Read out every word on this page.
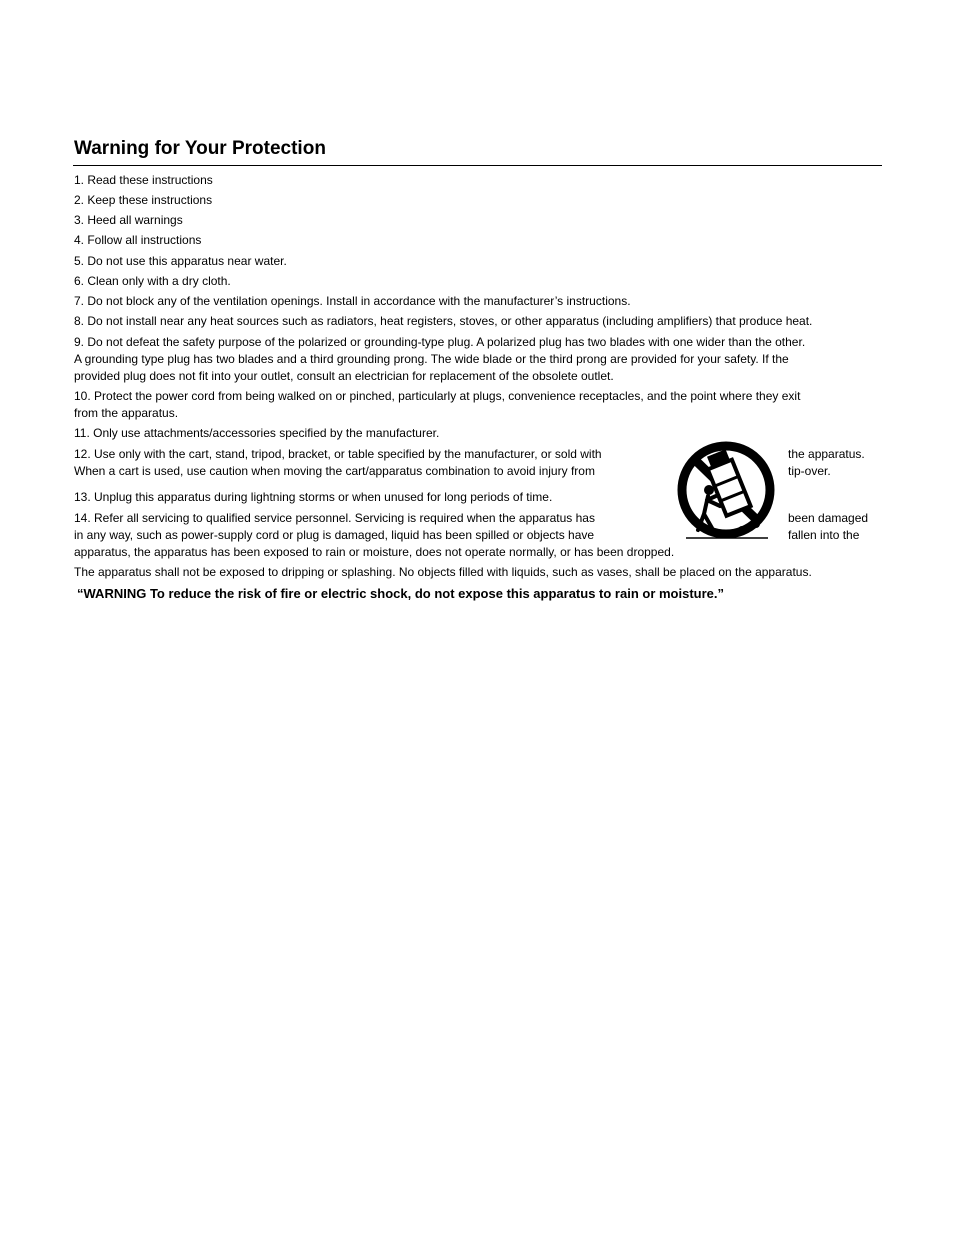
Warning for Your Protection
1. Read these instructions
2. Keep these instructions
3. Heed all warnings
4. Follow all instructions
5. Do not use this apparatus near water.
6. Clean only with a dry cloth.
7. Do not block any of the ventilation openings. Install in accordance with the manufacturer’s instructions.
8. Do not install near any heat sources such as radiators, heat registers, stoves, or other apparatus (including amplifiers) that produce heat.
9. Do not defeat the safety purpose of the polarized or grounding-type plug. A polarized plug has two blades with one wider than the other.
A grounding type plug has two blades and a third grounding prong. The wide blade or the third prong are provided for your safety. If the
provided plug does not fit into your outlet, consult an electrician for replacement of the obsolete outlet.
10. Protect the power cord from being walked on or pinched, particularly at plugs, convenience receptacles, and the point where they exit
from the apparatus.
11. Only use attachments/accessories specified by the manufacturer.
12. Use only with the cart, stand, tripod, bracket, or table specified by the manufacturer, or sold with	the apparatus.
When a cart is used, use caution when moving the cart/apparatus combination to avoid injury from	tip-over.
13. Unplug this apparatus during lightning storms or when unused for long periods of time.
14. Refer all servicing to qualified service personnel. Servicing is required when the apparatus has	been damaged
in any way, such as power-supply cord or plug is damaged, liquid has been spilled or objects have	fallen into the
apparatus, the apparatus has been exposed to rain or moisture, does not operate normally, or has been dropped.
The apparatus shall not be exposed to dripping or splashing. No objects filled with liquids, such as vases, shall be placed on the apparatus.
“WARNING To reduce the risk of fire or electric shock, do not expose this apparatus to rain or moisture.”
